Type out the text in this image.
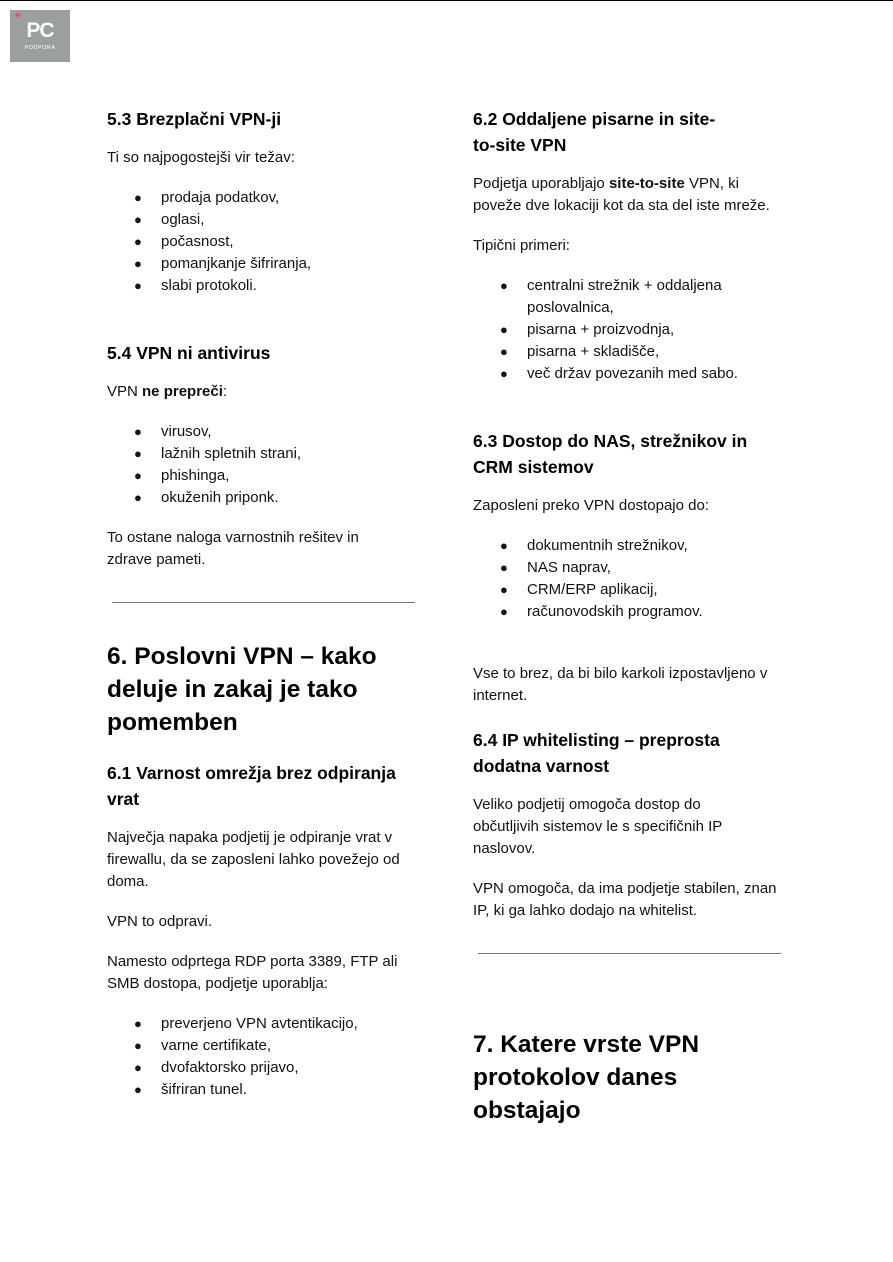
✦
PC
PODPORA
5.3 Brezplačni VPN-ji
Ti so najpogostejši vir težav:
● prodaja podatkov,
● oglasi,
● počasnost,
● pomanjkanje šifriranja,
● slabi protokoli.
5.4 VPN ni antivirus
VPN ne prepreči:
● virusov,
● lažnih spletnih strani,
● phishinga,
● okuženih priponk.
To ostane naloga varnostnih rešitev in zdrave pameti.
6. Poslovni VPN – kako deluje in zakaj je tako pomemben
6.1 Varnost omrežja brez odpiranja vrat
Največja napaka podjetij je odpiranje vrat v firewallu, da se zaposleni lahko povežejo od doma.
VPN to odpravi.
Namesto odprtega RDP porta 3389, FTP ali SMB dostopa, podjetje uporablja:
● preverjeno VPN avtentikacijo,
● varne certifikate,
● dvofaktorsko prijavo,
● šifriran tunel.
6.2 Oddaljene pisarne in site-to-site VPN
Podjetja uporabljajo site-to-site VPN, ki poveže dve lokaciji kot da sta del iste mreže.
Tipični primeri:
● centralni strežnik + oddaljena poslovalnica,
● pisarna + proizvodnja,
● pisarna + skladišče,
● več držav povezanih med sabo.
6.3 Dostop do NAS, strežnikov in CRM sistemov
Zaposleni preko VPN dostopajo do:
● dokumentnih strežnikov,
● NAS naprav,
● CRM/ERP aplikacij,
● računovodskih programov.
Vse to brez, da bi bilo karkoli izpostavljeno v internet.
6.4 IP whitelisting – preprosta dodatna varnost
Veliko podjetij omogoča dostop do občutljivih sistemov le s specifičnih IP naslovov.
VPN omogoča, da ima podjetje stabilen, znan IP, ki ga lahko dodajo na whitelist.
7. Katere vrste VPN protokolov danes obstajajo
